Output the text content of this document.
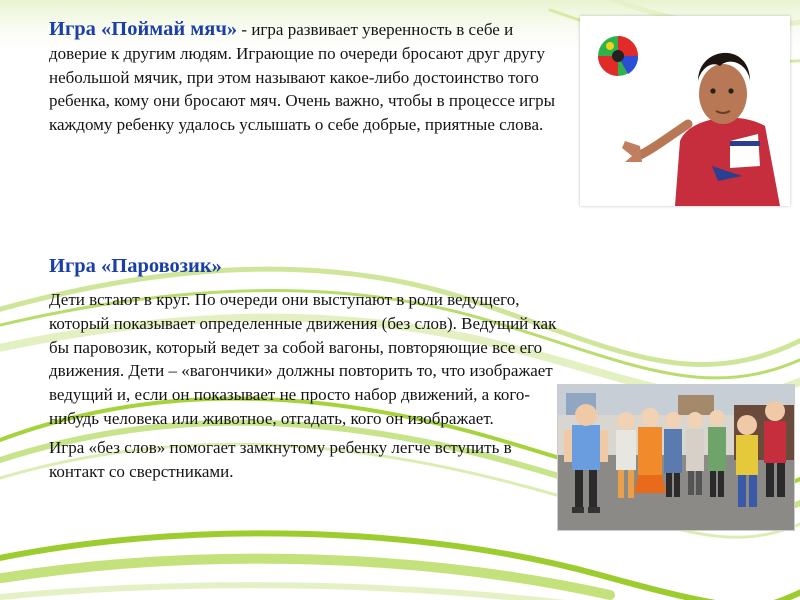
Игра «Поймай мяч» - игра развивает уверенность в себе и доверие к другим людям. Играющие по очереди бросают друг другу небольшой мячик, при этом называют какое-либо достоинство того ребенка, кому они бросают мяч. Очень важно, чтобы в процессе игры каждому ребенку удалось услышать о себе добрые, приятные слова.

Игра «Паровозик»

Дети встают в круг. По очереди они выступают в роли ведущего, который показывает определенные движения (без слов). Ведущий как бы паровозик, который ведет за собой вагоны, повторяющие все его движения. Дети – «вагончики» должны повторить то, что изображает ведущий и, если он показывает не просто набор движений, а кого-нибудь человека или животное, отгадать, кого он изображает.

Игра «без слов» помогает замкнутому ребенку легче вступить в контакт со сверстниками.
